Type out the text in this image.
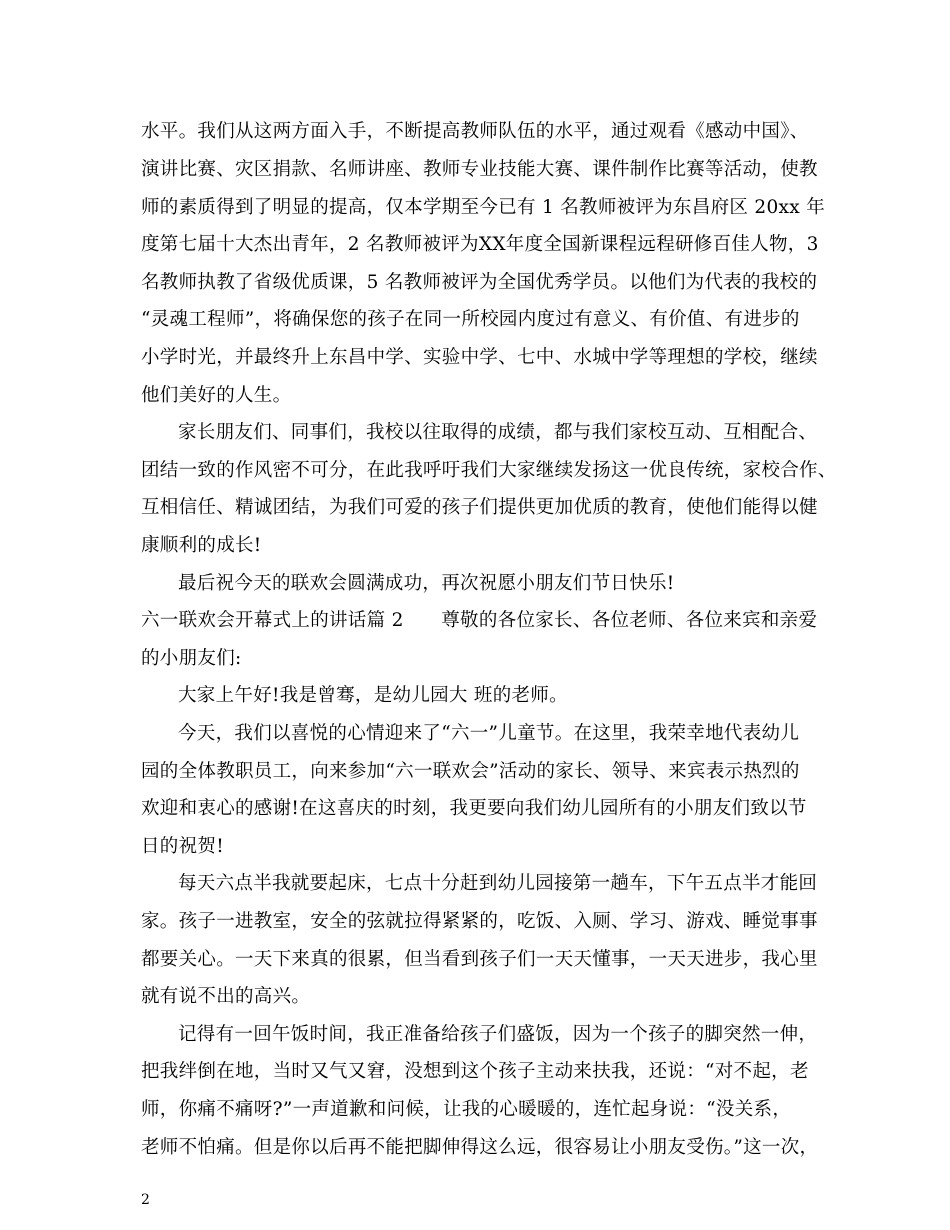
水平。我们从这两方面入手，不断提高教师队伍的水平，通过观看《感动中国》、
演讲比赛、灾区捐款、名师讲座、教师专业技能大赛、课件制作比赛等活动，使教
师的素质得到了明显的提高，仅本学期至今已有 1 名教师被评为东昌府区 20xx 年
度第七届十大杰出青年，2 名教师被评为XX年度全国新课程远程研修百佳人物，3
名教师执教了省级优质课，5 名教师被评为全国优秀学员。以他们为代表的我校的
“灵魂工程师”，将确保您的孩子在同一所校园内度过有意义、有价值、有进步的
小学时光，并最终升上东昌中学、实验中学、七中、水城中学等理想的学校，继续
他们美好的人生。
家长朋友们、同事们，我校以往取得的成绩，都与我们家校互动、互相配合、
团结一致的作风密不可分，在此我呼吁我们大家继续发扬这一优良传统，家校合作、
互相信任、精诚团结，为我们可爱的孩子们提供更加优质的教育，使他们能得以健
康顺利的成长!
最后祝今天的联欢会圆满成功，再次祝愿小朋友们节日快乐!
六一联欢会开幕式上的讲话篇 2　　尊敬的各位家长、各位老师、各位来宾和亲爱
的小朋友们:
大家上午好!我是曾骞，是幼儿园大 班的老师。
今天，我们以喜悦的心情迎来了“六一”儿童节。在这里，我荣幸地代表幼儿
园的全体教职员工，向来参加“六一联欢会”活动的家长、领导、来宾表示热烈的
欢迎和衷心的感谢!在这喜庆的时刻，我更要向我们幼儿园所有的小朋友们致以节
日的祝贺!
每天六点半我就要起床，七点十分赶到幼儿园接第一趟车，下午五点半才能回
家。孩子一进教室，安全的弦就拉得紧紧的，吃饭、入厕、学习、游戏、睡觉事事
都要关心。一天下来真的很累，但当看到孩子们一天天懂事，一天天进步，我心里
就有说不出的高兴。
记得有一回午饭时间，我正准备给孩子们盛饭，因为一个孩子的脚突然一伸，
把我绊倒在地，当时又气又窘，没想到这个孩子主动来扶我，还说：“对不起，老
师，你痛不痛呀?”一声道歉和问候，让我的心暖暖的，连忙起身说：“没关系，
老师不怕痛。但是你以后再不能把脚伸得这么远，很容易让小朋友受伤。”这一次，
2
